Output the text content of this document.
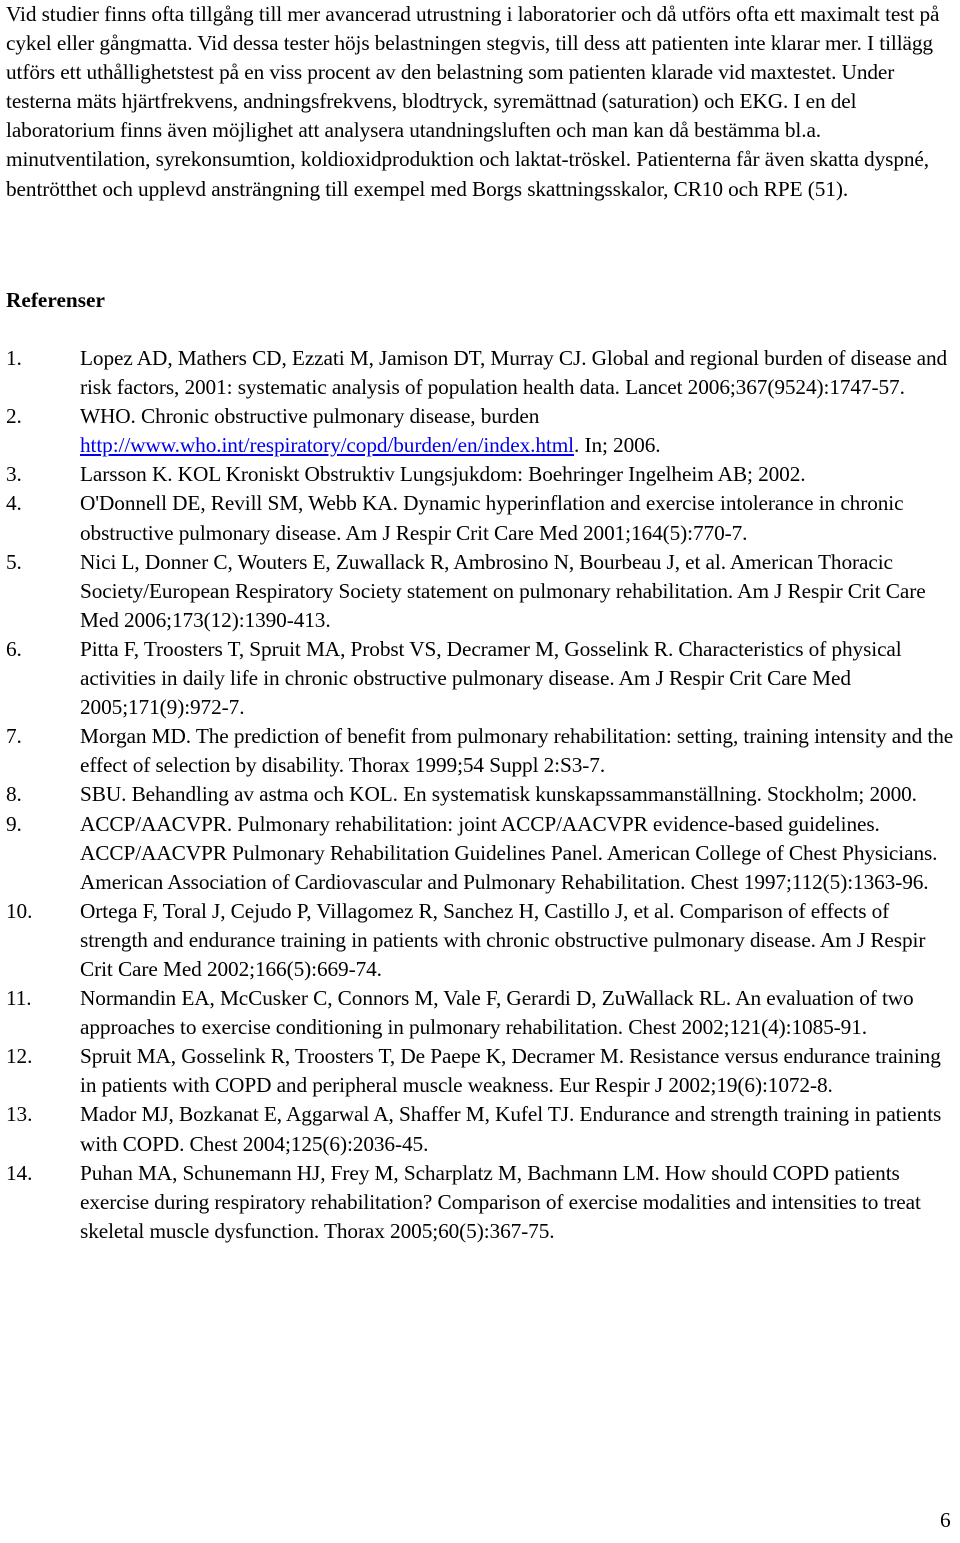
Vid studier finns ofta tillgång till mer avancerad utrustning i laboratorier och då utförs ofta ett maximalt test på cykel eller gångmatta. Vid dessa tester höjs belastningen stegvis, till dess att patienten inte klarar mer. I tillägg utförs ett uthållighetstest på en viss procent av den belastning som patienten klarade vid maxtestet. Under testerna mäts hjärtfrekvens, andningsfrekvens, blodtryck, syremättnad (saturation) och EKG. I en del laboratorium finns även möjlighet att analysera utandningsluften och man kan då bestämma bl.a. minutventilation, syrekonsumtion, koldioxidproduktion och laktat-tröskel. Patienterna får även skatta dyspné, bentrötthet och upplevd ansträngning till exempel med Borgs skattningsskalor, CR10 och RPE (51).

Referenser
1.	Lopez AD, Mathers CD, Ezzati M, Jamison DT, Murray CJ. Global and regional burden of disease and risk factors, 2001: systematic analysis of population health data. Lancet 2006;367(9524):1747-57.
2.	WHO. Chronic obstructive pulmonary disease, burden
http://www.who.int/respiratory/copd/burden/en/index.html. In; 2006.
3.	Larsson K. KOL Kroniskt Obstruktiv Lungsjukdom: Boehringer Ingelheim AB; 2002.
4.	O'Donnell DE, Revill SM, Webb KA. Dynamic hyperinflation and exercise intolerance in chronic obstructive pulmonary disease. Am J Respir Crit Care Med 2001;164(5):770-7.
5.	Nici L, Donner C, Wouters E, Zuwallack R, Ambrosino N, Bourbeau J, et al. American Thoracic Society/European Respiratory Society statement on pulmonary rehabilitation. Am J Respir Crit Care Med 2006;173(12):1390-413.
6.	Pitta F, Troosters T, Spruit MA, Probst VS, Decramer M, Gosselink R. Characteristics of physical activities in daily life in chronic obstructive pulmonary disease. Am J Respir Crit Care Med 2005;171(9):972-7.
7.	Morgan MD. The prediction of benefit from pulmonary rehabilitation: setting, training intensity and the effect of selection by disability. Thorax 1999;54 Suppl 2:S3-7.
8.	SBU. Behandling av astma och KOL. En systematisk kunskapssammanställning. Stockholm; 2000.
9.	ACCP/AACVPR. Pulmonary rehabilitation: joint ACCP/AACVPR evidence-based guidelines. ACCP/AACVPR Pulmonary Rehabilitation Guidelines Panel. American College of Chest Physicians. American Association of Cardiovascular and Pulmonary Rehabilitation. Chest 1997;112(5):1363-96.
10. Ortega F, Toral J, Cejudo P, Villagomez R, Sanchez H, Castillo J, et al. Comparison of effects of strength and endurance training in patients with chronic obstructive pulmonary disease. Am J Respir Crit Care Med 2002;166(5):669-74.
11. Normandin EA, McCusker C, Connors M, Vale F, Gerardi D, ZuWallack RL. An evaluation of two approaches to exercise conditioning in pulmonary rehabilitation. Chest 2002;121(4):1085-91.
12. Spruit MA, Gosselink R, Troosters T, De Paepe K, Decramer M. Resistance versus endurance training in patients with COPD and peripheral muscle weakness. Eur Respir J 2002;19(6):1072-8.
13. Mador MJ, Bozkanat E, Aggarwal A, Shaffer M, Kufel TJ. Endurance and strength training in patients with COPD. Chest 2004;125(6):2036-45.
14. Puhan MA, Schunemann HJ, Frey M, Scharplatz M, Bachmann LM. How should COPD patients exercise during respiratory rehabilitation? Comparison of exercise modalities and intensities to treat skeletal muscle dysfunction. Thorax 2005;60(5):367-75.
6
